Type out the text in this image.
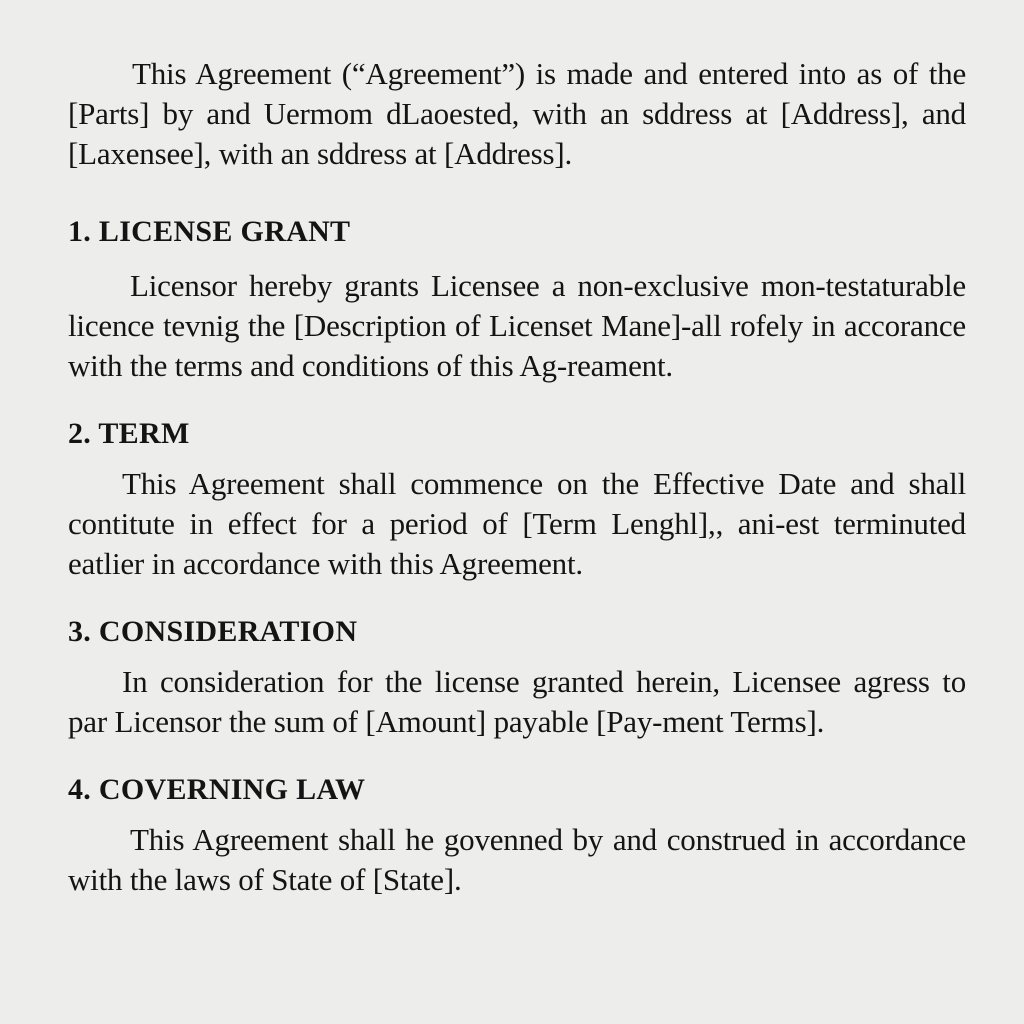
This Agreement (“Agreement”) is made and entered into as of the [Parts] by and Uermom dLaoested, with an sddress at [Address], and [Laxensee], with an sddress at [Address].

1. LICENSE GRANT

Licensor hereby grants Licensee a non-exclusive mon-testaturable licence tevnig the [Description of Licenset Mane]-all rofely in accorance with the terms and conditions of this Ag-reament.

2. TERM

This Agreement shall commence on the Effective Date and shall contitute in effect for a period of [Term Lenghl],, ani-est terminuted eatlier in accordance with this Agreement.

3. CONSIDERATION

In consideration for the license granted herein, Licensee agress to par Licensor the sum of [Amount] payable [Pay-ment Terms].

4. COVERNING LAW

This Agreement shall he govenned by and construed in accordance with the laws of State of [State].
